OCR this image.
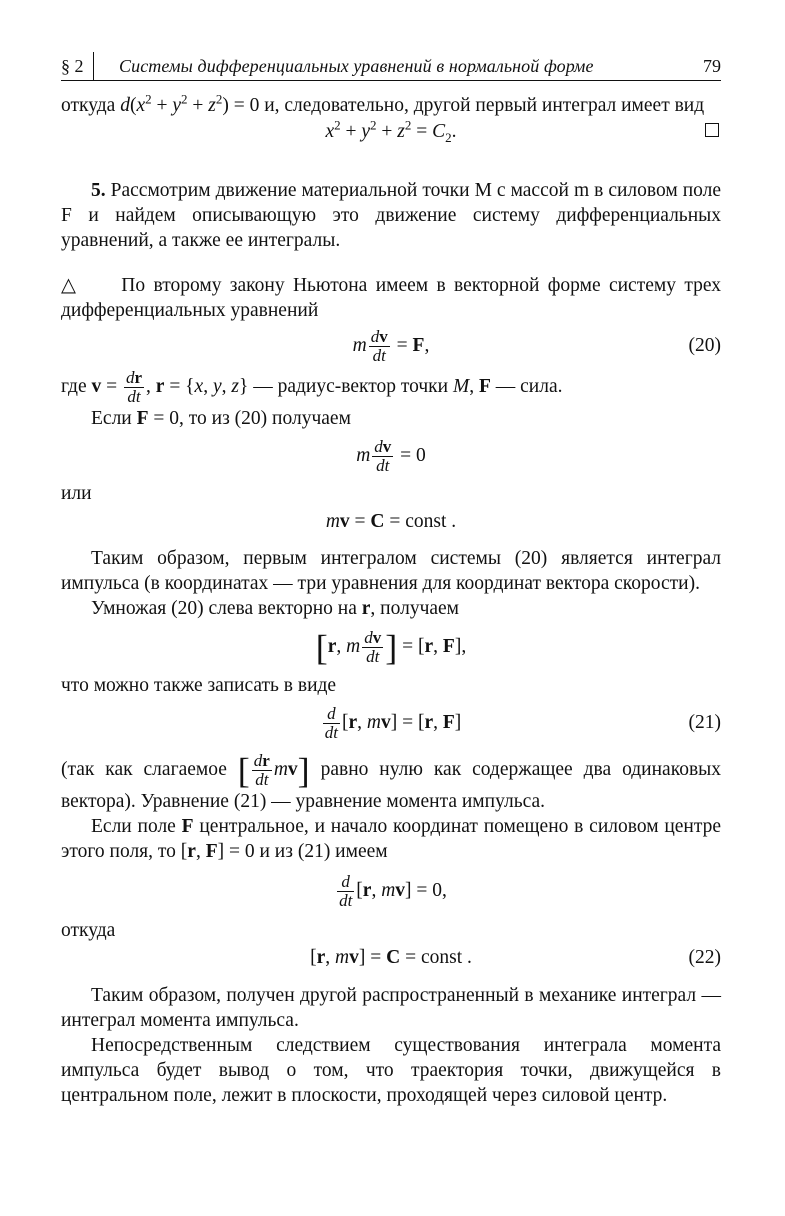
§ 2 Системы дифференциальных уравнений в нормальной форме	79

откуда $d(x^2 + y^2 + z^2) = 0$ и, следовательно, другой первый интеграл имеет вид

$x^2 + y^2 + z^2 = C_2$.

5. Рассмотрим движение материальной точки M с массой m в силовом поле F и найдем описывающую это движение систему дифференциальных уравнений, а также ее интегралы.

△ По второму закону Ньютона имеем в векторной форме систему трех дифференциальных уравнений

m $\frac{dv}{dt} = F$,	(20)

где $v = \frac{dr}{dt}$ , r = {x, y, z} — радиус-вектор точки M, F — сила.

Если F = 0, то из (20) получаем

m $\frac{dv}{dt} = 0$

или

mv = C = const .

Таким образом, первым интегралом системы (20) является интеграл импульса (в координатах — три уравнения для координат вектора скорости).

Умножая (20) слева векторно на r, получаем

[r, m $\frac{dv}{dt}$ ] = [r, F],

что можно также записать в виде

$\frac{d}{dt} [r$, mv] = [r, F]	(21)

(так как слагаемое [ $\frac{dr}{dt} mv$] равно нулю как содержащее два одинаковых вектора). Уравнение (21) — уравнение момента импульса.

Если поле F центральное, и начало координат помещено в силовом центре этого поля, то [r, F] = 0 и из (21) имеем

$\frac{d}{dt} [r$, mv] = 0,

откуда

[r, mv] = C = const .	(22)

Таким образом, получен другой распространенный в механике интеграл — интеграл момента импульса.

Непосредственным следствием существования интеграла момента импульса будет вывод о том, что траектория точки, движущейся в центральном поле, лежит в плоскости, проходящей через силовой центр.
